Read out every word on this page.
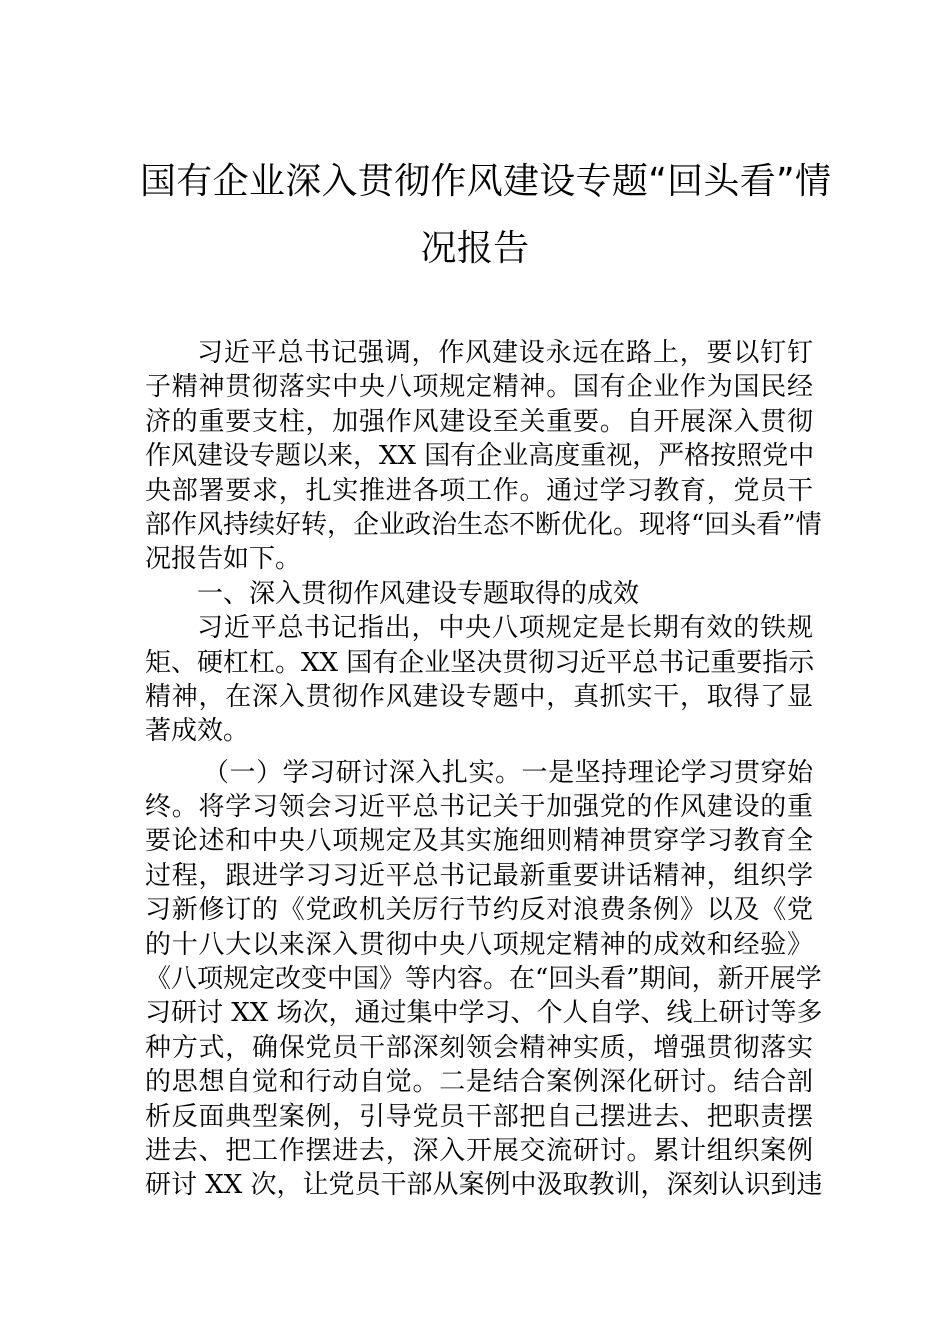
国有企业深入贯彻作风建设专题“回头看”情
况报告
习近平总书记强调，作风建设永远在路上，要以钉钉
子精神贯彻落实中央八项规定精神。国有企业作为国民经
济的重要支柱，加强作风建设至关重要。自开展深入贯彻
作风建设专题以来，XX 国有企业高度重视，严格按照党中
央部署要求，扎实推进各项工作。通过学习教育，党员干
部作风持续好转，企业政治生态不断优化。现将“回头看”情
况报告如下。
一、深入贯彻作风建设专题取得的成效
习近平总书记指出，中央八项规定是长期有效的铁规
矩、硬杠杠。XX 国有企业坚决贯彻习近平总书记重要指示
精神，在深入贯彻作风建设专题中，真抓实干，取得了显
著成效。
（一）学习研讨深入扎实。一是坚持理论学习贯穿始
终。将学习领会习近平总书记关于加强党的作风建设的重
要论述和中央八项规定及其实施细则精神贯穿学习教育全
过程，跟进学习习近平总书记最新重要讲话精神，组织学
习新修订的《党政机关厉行节约反对浪费条例》以及《党
的十八大以来深入贯彻中央八项规定精神的成效和经验》
《八项规定改变中国》等内容。在“回头看”期间，新开展学
习研讨 XX 场次，通过集中学习、个人自学、线上研讨等多
种方式，确保党员干部深刻领会精神实质，增强贯彻落实
的思想自觉和行动自觉。二是结合案例深化研讨。结合剖
析反面典型案例，引导党员干部把自己摆进去、把职责摆
进去、把工作摆进去，深入开展交流研讨。累计组织案例
研讨 XX 次，让党员干部从案例中汲取教训，深刻认识到违
